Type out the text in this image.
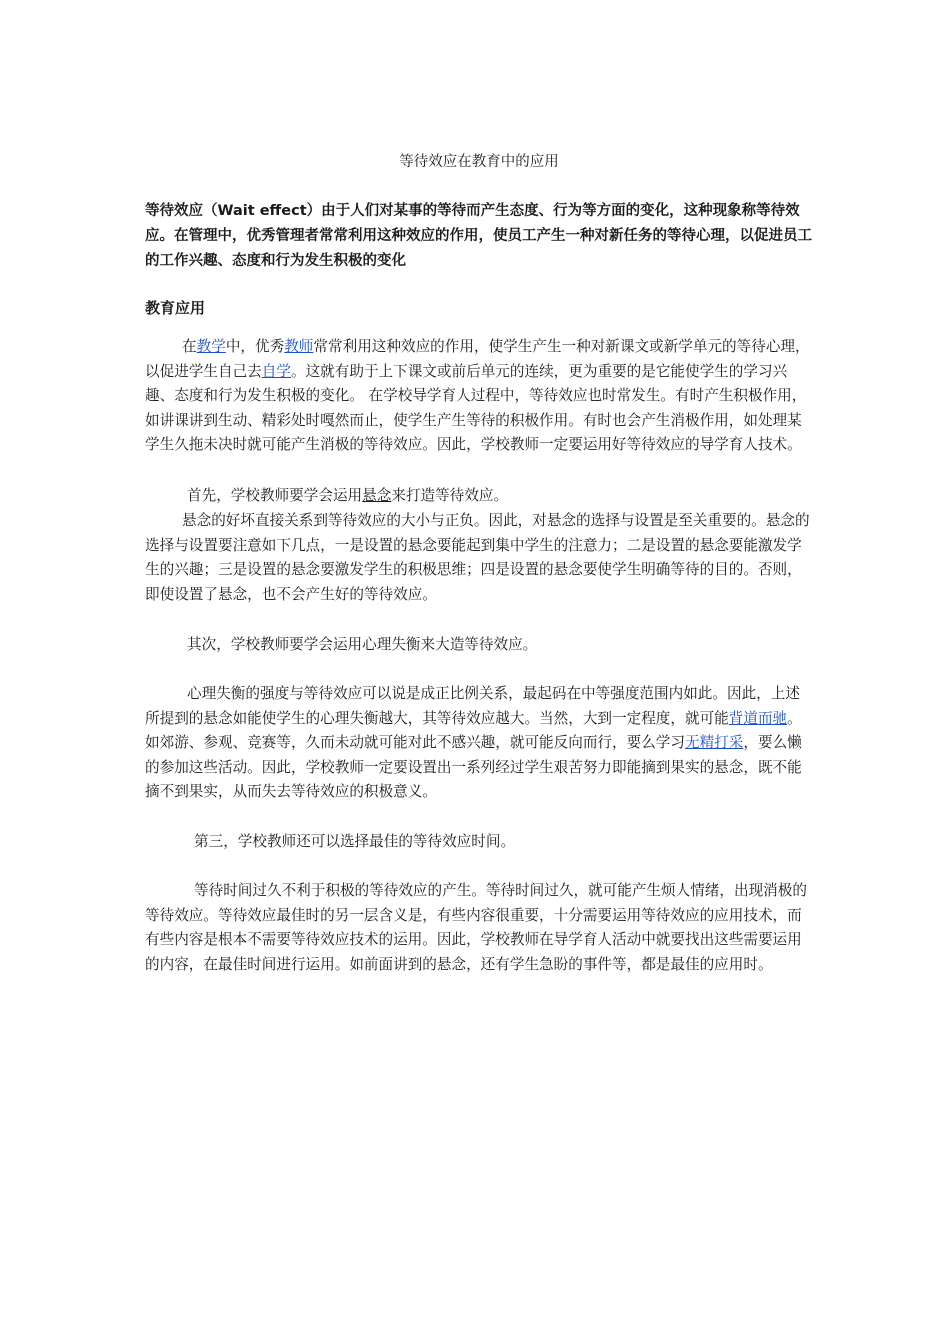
等待效应在教育中的应用
等待效应（Wait effect）由于人们对某事的等待而产生态度、行为等方面的变化，这种现象称等待效应。在管理中，优秀管理者常常利用这种效应的作用，使员工产生一种对新任务的等待心理，以促进员工的工作兴趣、态度和行为发生积极的变化
教育应用

在教学中，优秀教师常常利用这种效应的作用，使学生产生一种对新课文或新学单元的等待心理，以促进学生自己去自学。这就有助于上下课文或前后单元的连续，更为重要的是它能使学生的学习兴趣、态度和行为发生积极的变化。 在学校导学育人过程中，等待效应也时常发生。有时产生积极作用，如讲课讲到生动、精彩处时嘎然而止，使学生产生等待的积极作用。有时也会产生消极作用，如处理某学生久拖未决时就可能产生消极的等待效应。因此，学校教师一定要运用好等待效应的导学育人技术。

首先，学校教师要学会运用悬念来打造等待效应。

悬念的好坏直接关系到等待效应的大小与正负。因此，对悬念的选择与设置是至关重要的。悬念的选择与设置要注意如下几点，一是设置的悬念要能起到集中学生的注意力；二是设置的悬念要能激发学生的兴趣；三是设置的悬念要激发学生的积极思维；四是设置的悬念要使学生明确等待的目的。否则，即使设置了悬念，也不会产生好的等待效应。

其次，学校教师要学会运用心理失衡来大造等待效应。

心理失衡的强度与等待效应可以说是成正比例关系，最起码在中等强度范围内如此。因此，上述所提到的悬念如能使学生的心理失衡越大，其等待效应越大。当然，大到一定程度，就可能背道而驰。如郊游、参观、竞赛等，久而未动就可能对此不感兴趣，就可能反向而行，要么学习无精打采，要么懒的参加这些活动。因此，学校教师一定要设置出一系列经过学生艰苦努力即能摘到果实的悬念，既不能摘不到果实，从而失去等待效应的积极意义。

第三，学校教师还可以选择最佳的等待效应时间。

等待时间过久不利于积极的等待效应的产生。等待时间过久，就可能产生烦人情绪，出现消极的等待效应。等待效应最佳时的另一层含义是，有些内容很重要，十分需要运用等待效应的应用技术，而有些内容是根本不需要等待效应技术的运用。因此，学校教师在导学育人活动中就要找出这些需要运用的内容，在最佳时间进行运用。如前面讲到的悬念，还有学生急盼的事件等，都是最佳的应用时。
